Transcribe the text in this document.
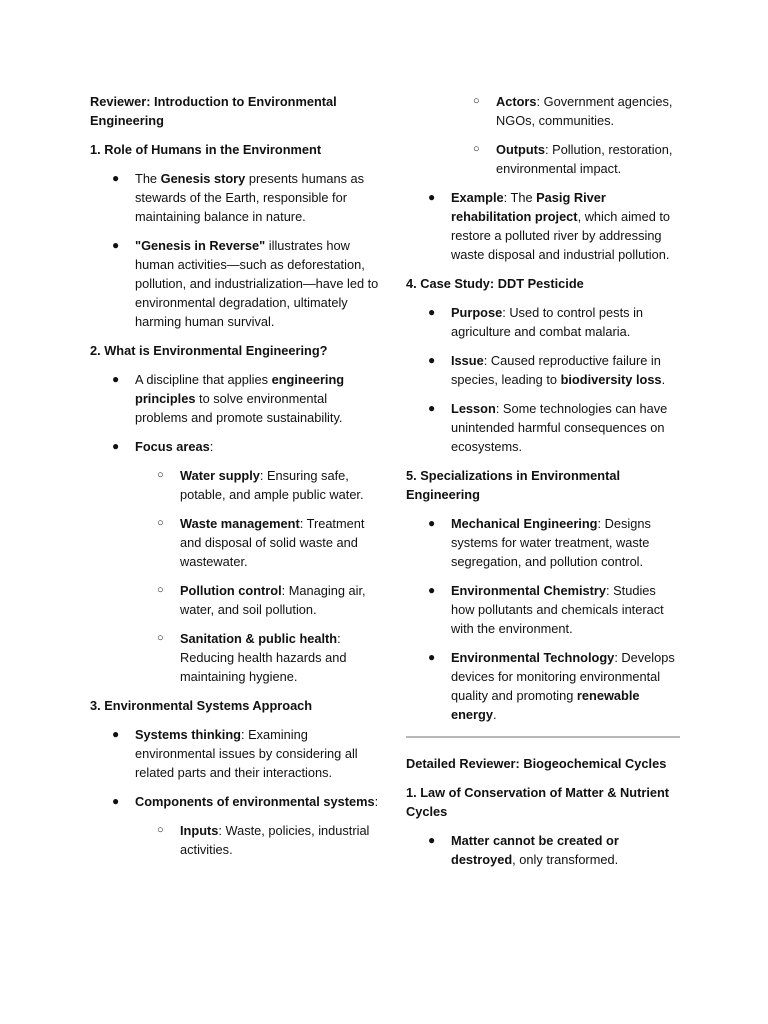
Reviewer: Introduction to Environmental Engineering
1. Role of Humans in the Environment
● The Genesis story presents humans as stewards of the Earth, responsible for maintaining balance in nature.
● "Genesis in Reverse" illustrates how human activities—such as deforestation, pollution, and industrialization—have led to environmental degradation, ultimately harming human survival.
2. What is Environmental Engineering?
● A discipline that applies engineering principles to solve environmental problems and promote sustainability.
● Focus areas:
○ Water supply: Ensuring safe, potable, and ample public water.
○ Waste management: Treatment and disposal of solid waste and wastewater.
○ Pollution control: Managing air, water, and soil pollution.
○ Sanitation & public health: Reducing health hazards and maintaining hygiene.
3. Environmental Systems Approach
● Systems thinking: Examining environmental issues by considering all related parts and their interactions.
● Components of environmental systems:
○ Inputs: Waste, policies, industrial activities.
○ Actors: Government agencies, NGOs, communities.
○ Outputs: Pollution, restoration, environmental impact.
● Example: The Pasig River rehabilitation project, which aimed to restore a polluted river by addressing waste disposal and industrial pollution.
4. Case Study: DDT Pesticide
● Purpose: Used to control pests in agriculture and combat malaria.
● Issue: Caused reproductive failure in species, leading to biodiversity loss.
● Lesson: Some technologies can have unintended harmful consequences on ecosystems.
5. Specializations in Environmental Engineering
● Mechanical Engineering: Designs systems for water treatment, waste segregation, and pollution control.
● Environmental Chemistry: Studies how pollutants and chemicals interact with the environment.
● Environmental Technology: Develops devices for monitoring environmental quality and promoting renewable energy.
Detailed Reviewer: Biogeochemical Cycles
1. Law of Conservation of Matter & Nutrient Cycles
● Matter cannot be created or destroyed, only transformed.
